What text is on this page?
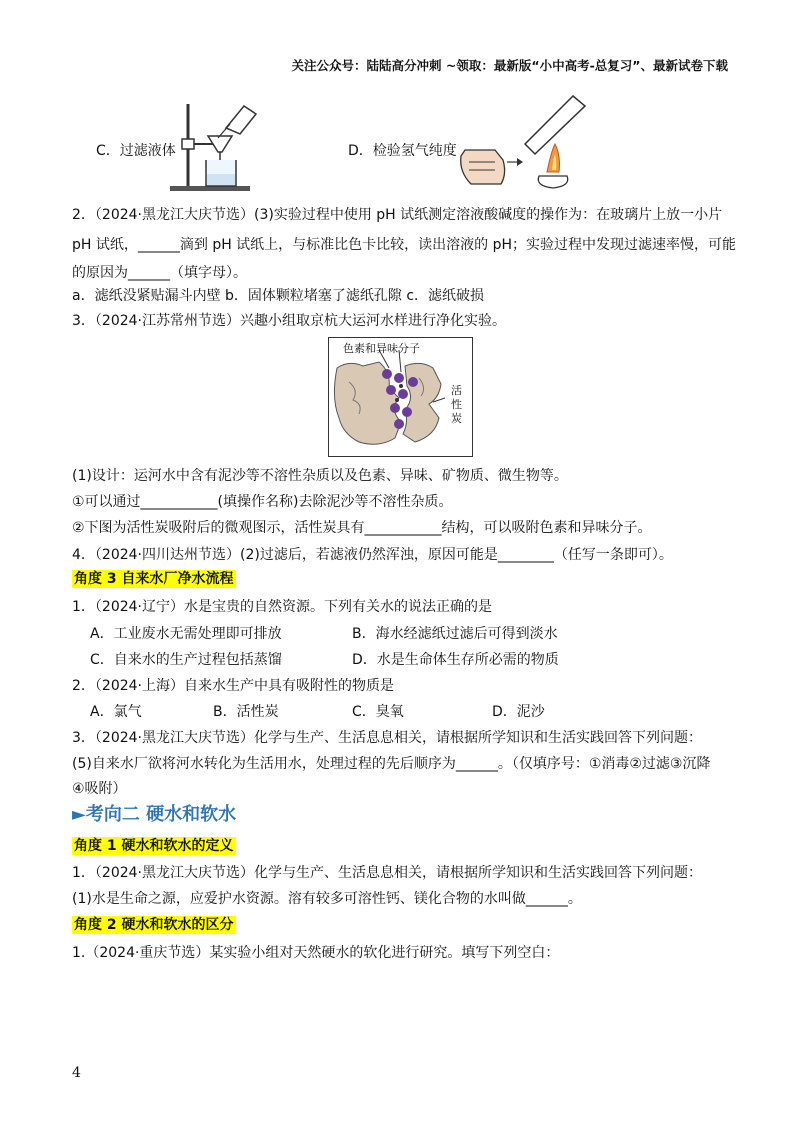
关注公众号：陆陆高分冲刺 ~领取：最新版“小中高考-总复习”、最新试卷下载
C．过滤液体	D．检验氢气纯度
2．（2024·黑龙江大庆节选）(3)实验过程中使用 pH 试纸测定溶液酸碱度的操作为：在玻璃片上放一小片
pH 试纸，______滴到 pH 试纸上，与标准比色卡比较，读出溶液的 pH；实验过程中发现过滤速率慢，可能
的原因为______（填字母）。
a．滤纸没紧贴漏斗内壁 b．固体颗粒堵塞了滤纸孔隙 c．滤纸破损
3．（2024·江苏常州节选）兴趣小组取京杭大运河水样进行净化实验。
色素和异味分子
活
性
炭
(1)设计：运河水中含有泥沙等不溶性杂质以及色素、异味、矿物质、微生物等。
①可以通过___________(填操作名称)去除泥沙等不溶性杂质。
②下图为活性炭吸附后的微观图示，活性炭具有___________结构，可以吸附色素和异味分子。
4．（2024·四川达州节选）(2)过滤后，若滤液仍然浑浊，原因可能是________（任写一条即可）。
角度 3 自来水厂净水流程
1．（2024·辽宁）水是宝贵的自然资源。下列有关水的说法正确的是
A．工业废水无需处理即可排放	B．海水经滤纸过滤后可得到淡水
C．自来水的生产过程包括蒸馏	D．水是生命体生存所必需的物质
2．（2024·上海）自来水生产中具有吸附性的物质是
A．氯气	B．活性炭	C．臭氧	D．泥沙
3．（2024·黑龙江大庆节选）化学与生产、生活息息相关，请根据所学知识和生活实践回答下列问题：
(5)自来水厂欲将河水转化为生活用水，处理过程的先后顺序为______。（仅填序号：①消毒②过滤③沉降
④吸附）
►考向二 硬水和软水
角度 1 硬水和软水的定义
1．（2024·黑龙江大庆节选）化学与生产、生活息息相关，请根据所学知识和生活实践回答下列问题：
(1)水是生命之源，应爱护水资源。溶有较多可溶性钙、镁化合物的水叫做______。
角度 2 硬水和软水的区分
1.（2024·重庆节选）某实验小组对天然硬水的软化进行研究。填写下列空白：
4
